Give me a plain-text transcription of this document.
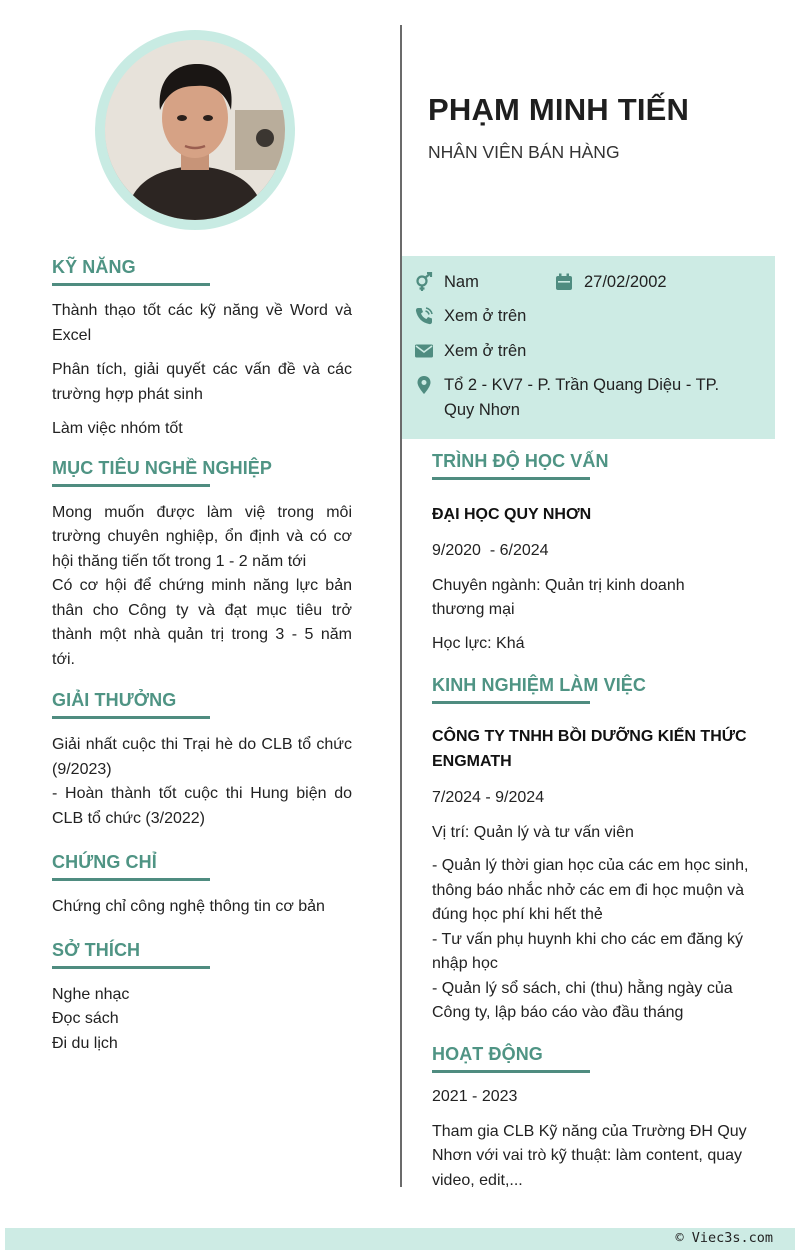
PHẠM MINH TIẾN
NHÂN VIÊN BÁN HÀNG
Nam	27/02/2002
Xem ở trên
Xem ở trên
Tổ 2 - KV7 - P. Trần Quang Diệu - TP. Quy Nhơn
KỸ NĂNG
Thành thạo tốt các kỹ năng về Word và Excel
Phân tích, giải quyết các vấn đề và các trường hợp phát sinh
Làm việc nhóm tốt
MỤC TIÊU NGHỀ NGHIỆP
Mong muốn được làm việ trong môi trường chuyên nghiệp, ổn định và có cơ hội thăng tiến tốt trong 1 - 2 năm tới
Có cơ hội để chứng minh năng lực bản thân cho Công ty và đạt mục tiêu trở thành một nhà quản trị trong 3 - 5 năm tới.
GIẢI THƯỞNG
Giải nhất cuộc thi Trại hè do CLB tổ chức (9/2023)
- Hoàn thành tốt cuộc thi Hung biện do CLB tổ chức (3/2022)
CHỨNG CHỈ
Chứng chỉ công nghệ thông tin cơ bản
SỞ THÍCH
Nghe nhạc
Đọc sách
Đi du lịch
TRÌNH ĐỘ HỌC VẤN
ĐẠI HỌC QUY NHƠN
9/2020  - 6/2024
Chuyên ngành: Quản trị kinh doanh thương mại
Học lực: Khá
KINH NGHIỆM LÀM VIỆC
CÔNG TY TNHH BỒI DƯỠNG KIẾN THỨC ENGMATH
7/2024 - 9/2024
Vị trí: Quản lý và tư vấn viên
- Quản lý thời gian học của các em học sinh, thông báo nhắc nhở các em đi học muộn và đúng học phí khi hết thẻ
- Tư vấn phụ huynh khi cho các em đăng ký nhập học
- Quản lý sổ sách, chi (thu) hằng ngày của Công ty, lập báo cáo vào đầu tháng
HOẠT ĐỘNG
2021 - 2023
Tham gia CLB Kỹ năng của Trường ĐH Quy Nhơn với vai trò kỹ thuật: làm content, quay video, edit,...
© Viec3s.com
